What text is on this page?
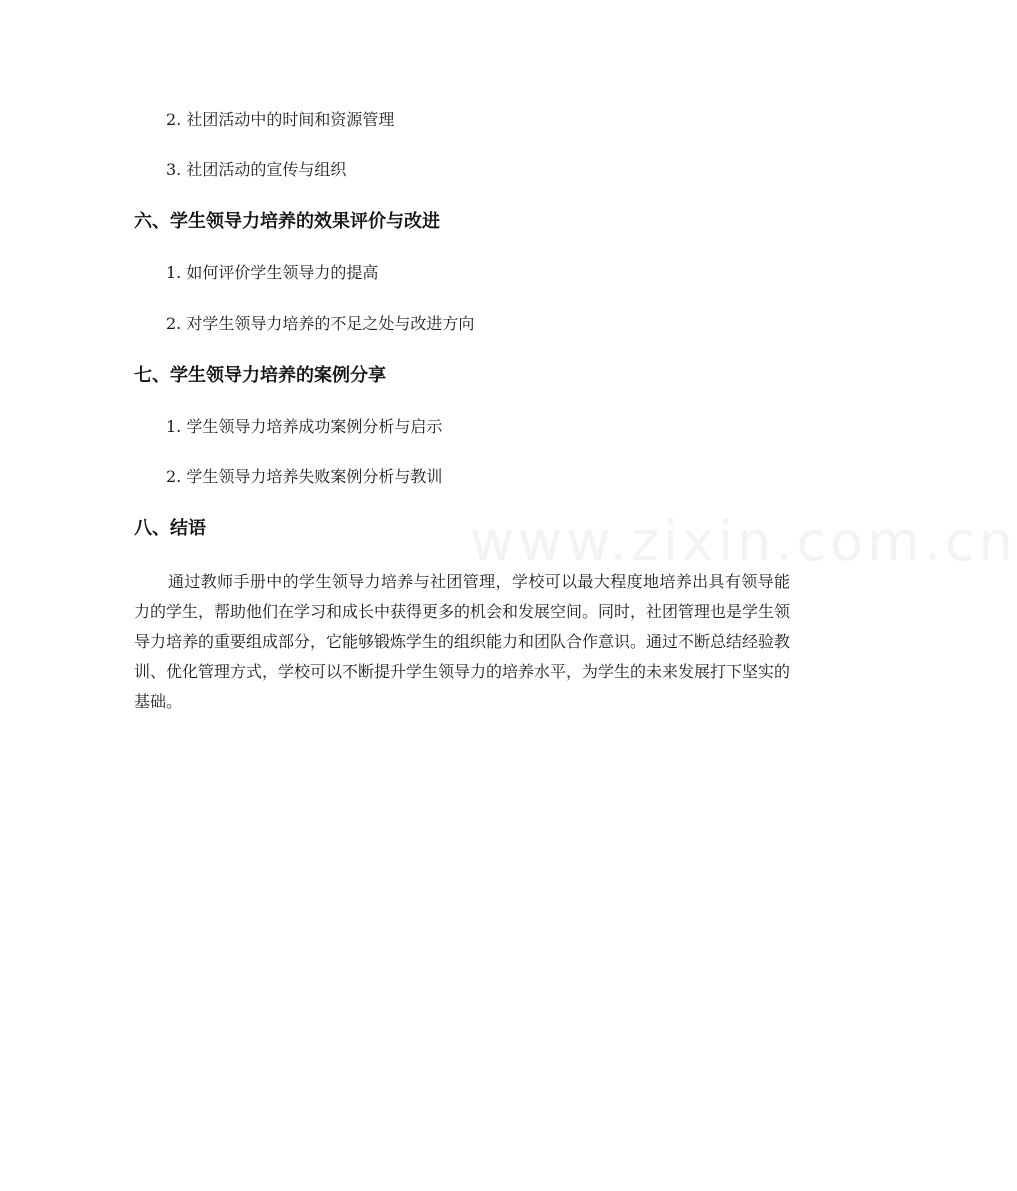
2. 社团活动中的时间和资源管理
3. 社团活动的宣传与组织
六、学生领导力培养的效果评价与改进
1. 如何评价学生领导力的提高
2. 对学生领导力培养的不足之处与改进方向
七、学生领导力培养的案例分享
1. 学生领导力培养成功案例分析与启示
2. 学生领导力培养失败案例分析与教训
八、结语
通过教师手册中的学生领导力培养与社团管理，学校可以最大程度地培养出具有领导能力的学生，帮助他们在学习和成长中获得更多的机会和发展空间。同时，社团管理也是学生领导力培养的重要组成部分，它能够锻炼学生的组织能力和团队合作意识。通过不断总结经验教训、优化管理方式，学校可以不断提升学生领导力的培养水平，为学生的未来发展打下坚实的基础。
www.zixin.com.cn
